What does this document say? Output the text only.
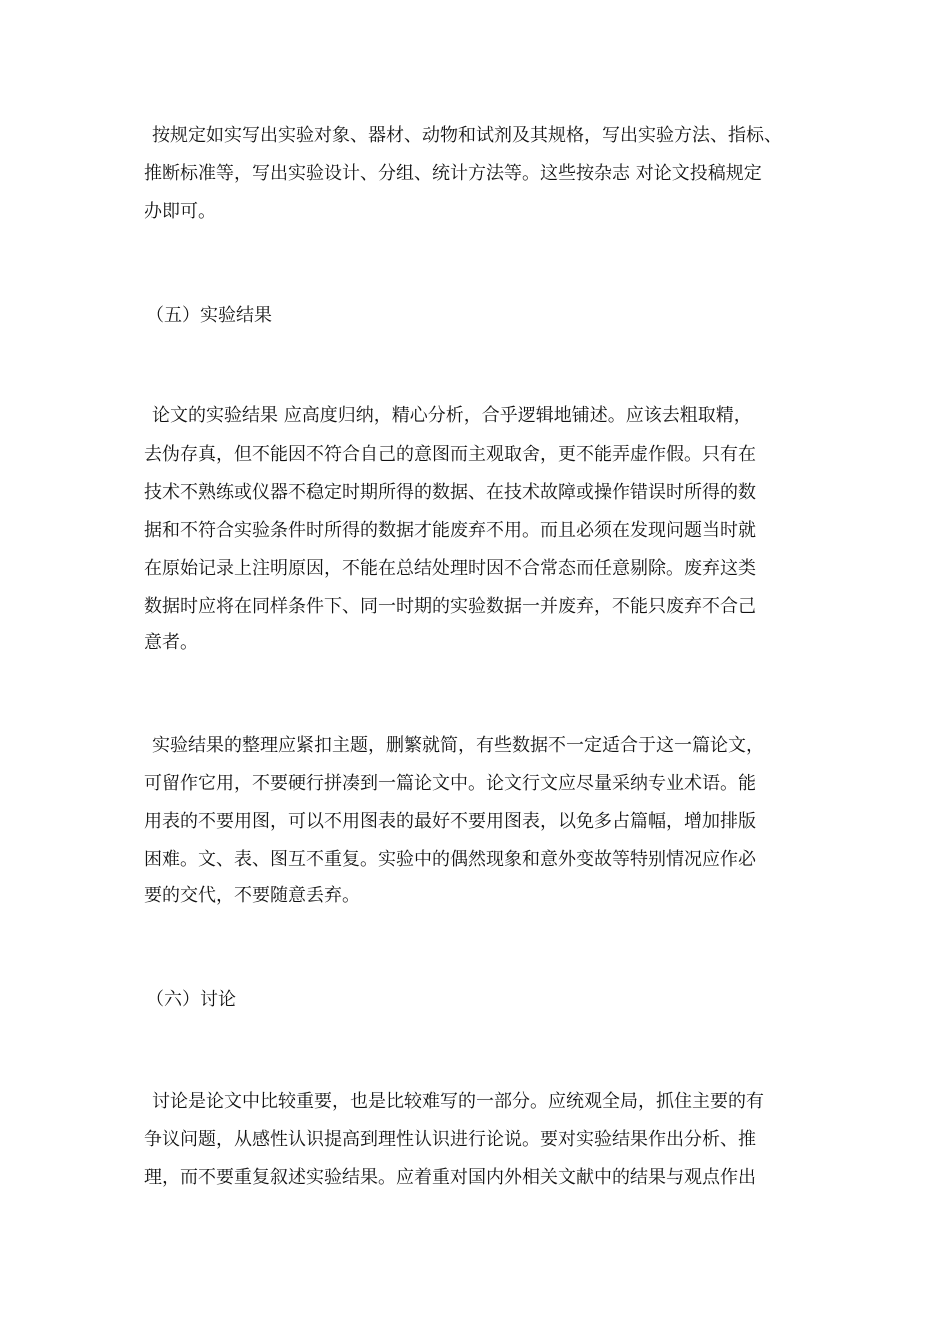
按规定如实写出实验对象、器材、动物和试剂及其规格，写出实验方法、指标、

推断标准等，写出实验设计、分组、统计方法等。这些按杂志 对论文投稿规定

办即可。

（五）实验结果

论文的实验结果 应高度归纳，精心分析，合乎逻辑地铺述。应该去粗取精，

去伪存真，但不能因不符合自己的意图而主观取舍，更不能弄虚作假。只有在

技术不熟练或仪器不稳定时期所得的数据、在技术故障或操作错误时所得的数

据和不符合实验条件时所得的数据才能废弃不用。而且必须在发现问题当时就

在原始记录上注明原因，不能在总结处理时因不合常态而任意剔除。废弃这类

数据时应将在同样条件下、同一时期的实验数据一并废弃，不能只废弃不合己

意者。

实验结果的整理应紧扣主题，删繁就简，有些数据不一定适合于这一篇论文，

可留作它用，不要硬行拼凑到一篇论文中。论文行文应尽量采纳专业术语。能

用表的不要用图，可以不用图表的最好不要用图表，以免多占篇幅，增加排版

困难。文、表、图互不重复。实验中的偶然现象和意外变故等特别情况应作必

要的交代，不要随意丢弃。

（六）讨论

讨论是论文中比较重要，也是比较难写的一部分。应统观全局，抓住主要的有

争议问题，从感性认识提高到理性认识进行论说。要对实验结果作出分析、推

理，而不要重复叙述实验结果。应着重对国内外相关文献中的结果与观点作出
